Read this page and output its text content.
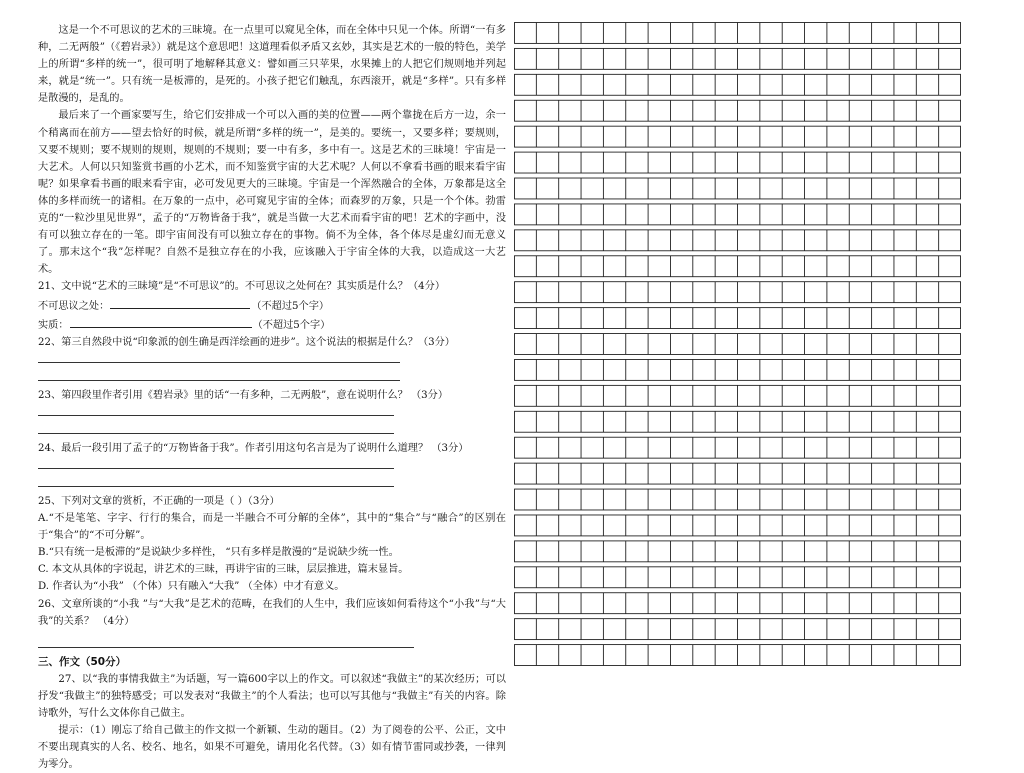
这是一个不可思议的艺术的三昧境。在一点里可以窥见全体，而在全体中只见一个体。所谓“一有多种，二无两般”（《碧岩录》）就是这个意思吧！这道理看似矛盾又玄妙，其实是艺术的一般的特色，美学上的所谓“多样的统一”，很可明了地解释其意义：譬如画三只苹果，水果摊上的人把它们规则地并列起来，就是“统一”。只有统一是板滞的，是死的。小孩子把它们触乱，东西滚开，就是“多样”。只有多样是散漫的，是乱的。

最后来了一个画家要写生，给它们安排成一个可以入画的美的位置——两个靠拢在后方一边，余一个稍离而在前方——望去恰好的时候，就是所谓“多样的统一”，是美的。要统一，又要多样；要规则，又要不规则；要不规则的规则，规则的不规则；要一中有多，多中有一。这是艺术的三昧境！宇宙是一大艺术。人何以只知鉴赏书画的小艺术，而不知鉴赏宇宙的大艺术呢？人何以不拿看书画的眼来看宇宙呢？如果拿看书画的眼来看宇宙，必可发见更大的三昧境。宇宙是一个浑然融合的全体，万象都是这全体的多样而统一的诸相。在万象的一点中，必可窥见宇宙的全体；而森罗的万象，只是一个个体。勃雷克的“一粒沙里见世界”，孟子的“万物皆备于我”，就是当做一大艺术而看宇宙的吧！艺术的字画中，没有可以独立存在的一笔。即宇宙间没有可以独立存在的事物。倘不为全体，各个体尽是虚幻而无意义了。那末这个“我”怎样呢？自然不是独立存在的小我，应该融入于宇宙全体的大我，以造成这一大艺术。

21、文中说“艺术的三昧境”是“不可思议”的。不可思议之处何在？其实质是什么？（4分）

不可思议之处：	（不超过5个字）

实质：	（不超过5个字）

22、第三自然段中说“印象派的创生确是西洋绘画的进步”。这个说法的根据是什么？（3分）

23、第四段里作者引用《碧岩录》里的话“一有多种，二无两般”，意在说明什么？ （3分）

24、最后一段引用了孟子的“万物皆备于我”。作者引用这句名言是为了说明什么道理？ （3分）

25、下列对文章的赏析，不正确的一项是（ ）（3分）

A.“不是笔笔、字字、行行的集合，而是一半融合不可分解的全体”，其中的“集合”与“融合”的区别在于“集合”的“不可分解”。

B.“只有统一是板滞的”是说缺少多样性， “只有多样是散漫的”是说缺少统一性。

C. 本文从具体的字说起，讲艺术的三昧，再讲宇宙的三昧，层层推进，篇末显旨。

D. 作者认为“小我” （个体）只有融入“大我” （全体）中才有意义。

26、文章所谈的“小我 ”与“大我”是艺术的范畴，在我们的人生中，我们应该如何看待这个“小我”与“大我”的关系？ （4分）

三、作文（50分）

27、以“我的事情我做主”为话题，写一篇600字以上的作文。可以叙述“我做主”的某次经历；可以抒发“我做主”的独特感受；可以发表对“我做主”的个人看法；也可以写其他与“我做主”有关的内容。除诗歌外，写什么文体你自己做主。

提示：（1）刚忘了给自己做主的作文拟一个新颖、生动的题目。（2）为了阅卷的公平、公正，文中不要出现真实的人名、校名、地名，如果不可避免，请用化名代替。（3）如有情节雷同或抄袭，一律判为零分。
